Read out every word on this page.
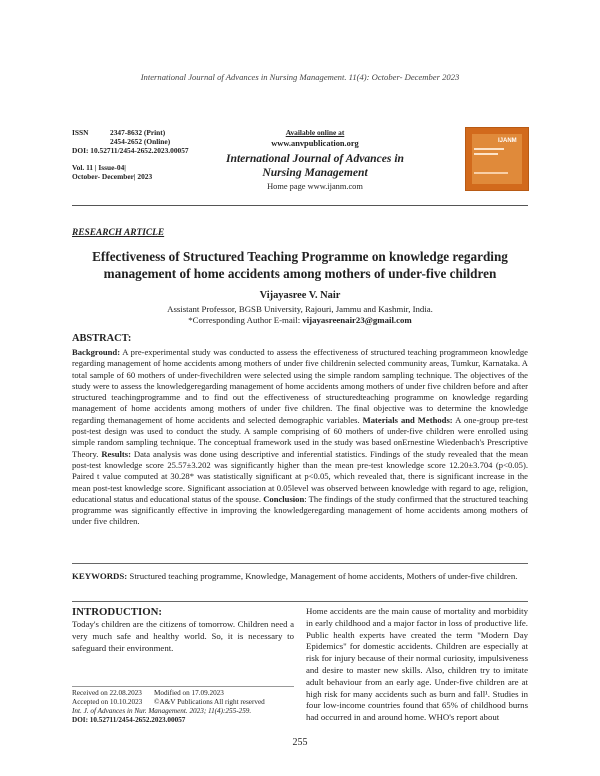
International Journal of Advances in Nursing Management. 11(4): October- December 2023
ISSN	2347-8632 (Print)
2454-2652 (Online)
DOI: 10.52711/2454-2652.2023.00057
Vol. 11 | Issue-04|
October- December| 2023
Available online at
www.anvpublication.org
International Journal of Advances in Nursing Management
Home page www.ijanm.com
IJANM
RESEARCH ARTICLE
Effectiveness of Structured Teaching Programme on knowledge regarding management of home accidents among mothers of under-five children
Vijayasree V. Nair
Assistant Professor, BGSB University, Rajouri, Jammu and Kashmir, India.
*Corresponding Author E-mail: vijayasreenair23@gmail.com
ABSTRACT:
Background: A pre-experimental study was conducted to assess the effectiveness of structured teaching programmeon knowledge regarding management of home accidents among mothers of under five childrenin selected community areas, Tumkur, Karnataka. A total sample of 60 mothers of under-fivechildren were selected using the simple random sampling technique. The objectives of the study were to assess the knowledgeregarding management of home accidents among mothers of under five children before and after structured teachingprogramme and to find out the effectiveness of structuredteaching programme on knowledge regarding management of home accidents among mothers of under five children. The final objective was to determine the knowledge regarding themanagement of home accidents and selected demographic variables. Materials and Methods: A one-group pre-test post-test design was used to conduct the study. A sample comprising of 60 mothers of under-five children were enrolled using simple random sampling technique. The conceptual framework used in the study was based onErnestine Wiedenbach's Prescriptive Theory. Results: Data analysis was done using descriptive and inferential statistics. Findings of the study revealed that the mean post-test knowledge score 25.57±3.202 was significantly higher than the mean pre-test knowledge score 12.20±3.704 (p<0.05). Paired t value computed at 30.28* was statistically significant at p<0.05, which revealed that, there is significant increase in the mean post-test knowledge score. Significant association at 0.05level was observed between knowledge with regard to age, religion, educational status and educational status of the spouse. Conclusion: The findings of the study confirmed that the structured teaching programme was significantly effective in improving the knowledgeregarding management of home accidents among mothers of under five children.
KEYWORDS: Structured teaching programme, Knowledge, Management of home accidents, Mothers of under-five children.
INTRODUCTION:
Today's children are the citizens of tomorrow. Children need a very much safe and healthy world. So, it is necessary to safeguard their environment.
Home accidents are the main cause of mortality and morbidity in early childhood and a major factor in loss of productive life. Public health experts have created the term "Modern Day Epidemics" for domestic accidents. Children are especially at risk for injury because of their normal curiosity, impulsiveness and desire to master new skills. Also, children try to imitate adult behaviour from an early age. Under-five children are at high risk for many accidents such as burn and fall¹. Studies in four low-income countries found that 65% of childhood burns had occurred in and around home. WHO's report about
Received on 22.08.2023 Modified on 17.09.2023
Accepted on 10.10.2023 ©A&V Publications All right reserved
Int. J. of Advances in Nur. Management. 2023; 11(4):255-259.
DOI: 10.52711/2454-2652.2023.00057
255
